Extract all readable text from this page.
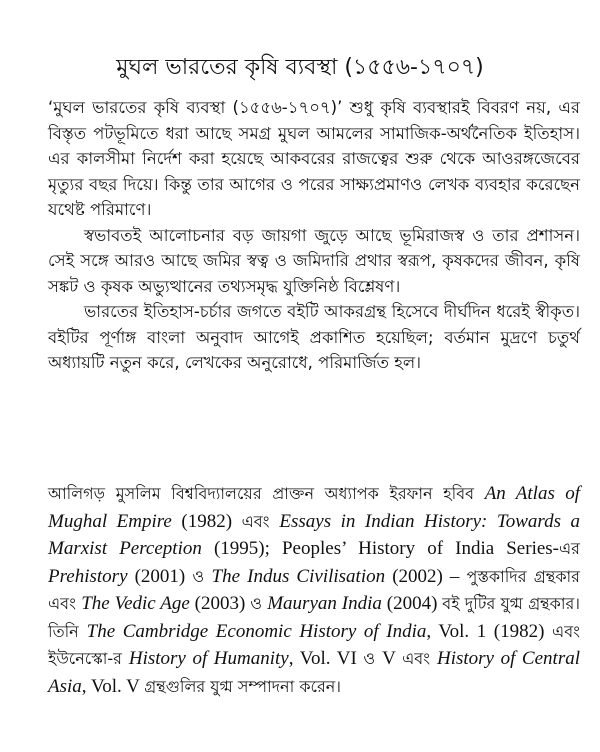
মুঘল ভারতের কৃষি ব্যবস্থা (১৫৫৬-১৭০৭)

‘মুঘল ভারতের কৃষি ব্যবস্থা (১৫৫৬-১৭০৭)’ শুধু কৃষি ব্যবস্থারই বিবরণ নয়, এর বিস্তৃত পটভূমিতে ধরা আছে সমগ্র মুঘল আমলের সামাজিক-অর্থনৈতিক ইতিহাস। এর কালসীমা নির্দেশ করা হয়েছে আকবরের রাজত্বের শুরু থেকে আওরঙ্গজেবের মৃত্যুর বছর দিয়ে। কিন্তু তার আগের ও পরের সাক্ষ্যপ্রমাণও লেখক ব্যবহার করেছেন যথেষ্ট পরিমাণে।

স্বভাবতই আলোচনার বড় জায়গা জুড়ে আছে ভূমিরাজস্ব ও তার প্রশাসন। সেই সঙ্গে আরও আছে জমির স্বত্ব ও জমিদারি প্রথার স্বরূপ, কৃষকদের জীবন, কৃষি সঙ্কট ও কৃষক অভ্যুত্থানের তথ্যসমৃদ্ধ যুক্তিনিষ্ঠ বিশ্লেষণ।

ভারতের ইতিহাস-চর্চার জগতে বইটি আকরগ্রন্থ হিসেবে দীর্ঘদিন ধরেই স্বীকৃত। বইটির পূর্ণাঙ্গ বাংলা অনুবাদ আগেই প্রকাশিত হয়েছিল; বর্তমান মুদ্রণে চতুর্থ অধ্যায়টি নতুন করে, লেখকের অনুরোধে, পরিমার্জিত হল।

আলিগড় মুসলিম বিশ্ববিদ্যালয়ের প্রাক্তন অধ্যাপক ইরফান হবিব An Atlas of Mughal Empire (1982) এবং Essays in Indian History: Towards a Marxist Perception (1995); Peoples’ History of India Series-এর Prehistory (2001) ও The Indus Civilisation (2002) – পুস্তকাদির গ্রন্থকার এবং The Vedic Age (2003) ও Mauryan India (2004) বই দুটির যুগ্ম গ্রন্থকার। তিনি The Cambridge Economic History of India, Vol. 1 (1982) এবং ইউনেস্কো-র History of Humanity, Vol. VI ও V এবং History of Central Asia, Vol. V গ্রন্থগুলির যুগ্ম সম্পাদনা করেন।
